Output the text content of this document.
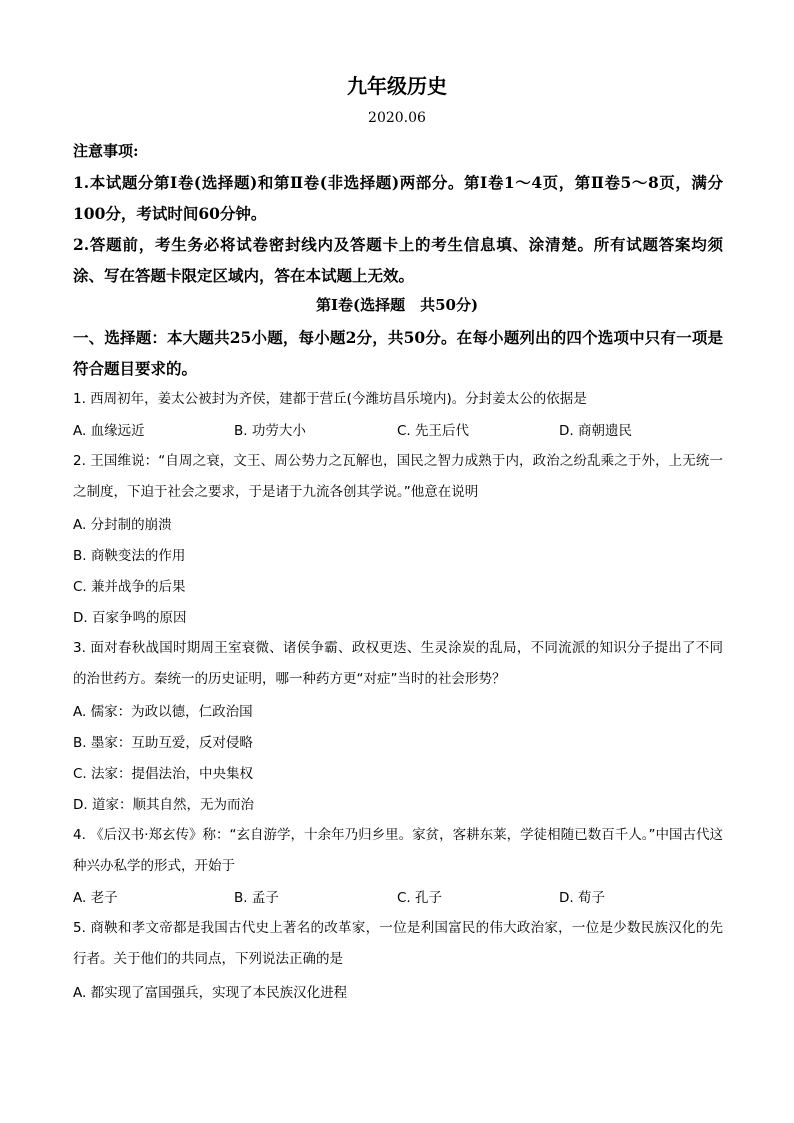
九年级历史
2020.06
注意事项:
1.本试题分第Ⅰ卷(选择题)和第Ⅱ卷(非选择题)两部分。第Ⅰ卷1～4页，第Ⅱ卷5～8页，满分100分，考试时间60分钟。
2.答题前，考生务必将试卷密封线内及答题卡上的考生信息填、涂清楚。所有试题答案均须涂、写在答题卡限定区域内，答在本试题上无效。
第Ⅰ卷(选择题　共50分)
一、选择题：本大题共25小题，每小题2分，共50分。在每小题列出的四个选项中只有一项是符合题目要求的。
1. 西周初年，姜太公被封为齐侯，建都于营丘(今潍坊昌乐境内)。分封姜太公的依据是
A. 血缘远近	B. 功劳大小	C. 先王后代	D. 商朝遗民
2. 王国维说：“自周之衰，文王、周公势力之瓦解也，国民之智力成熟于内，政治之纷乱乘之于外，上无统一之制度，下迫于社会之要求，于是诸于九流各创其学说。”他意在说明
A. 分封制的崩溃
B. 商鞅变法的作用
C. 兼并战争的后果
D. 百家争鸣的原因
3. 面对春秋战国时期周王室衰微、诸侯争霸、政权更迭、生灵涂炭的乱局，不同流派的知识分子提出了不同的治世药方。秦统一的历史证明，哪一种药方更“对症”当时的社会形势？
A. 儒家：为政以德，仁政治国
B. 墨家：互助互爱，反对侵略
C. 法家：提倡法治，中央集权
D. 道家：顺其自然，无为而治
4. 《后汉书·郑玄传》称：“玄自游学，十余年乃归乡里。家贫，客耕东莱，学徒相随已数百千人。”中国古代这种兴办私学的形式，开始于
A. 老子	B. 孟子	C. 孔子	D. 荀子
5. 商鞅和孝文帝都是我国古代史上著名的改革家，一位是利国富民的伟大政治家，一位是少数民族汉化的先行者。关于他们的共同点，下列说法正确的是
A. 都实现了富国强兵，实现了本民族汉化进程
